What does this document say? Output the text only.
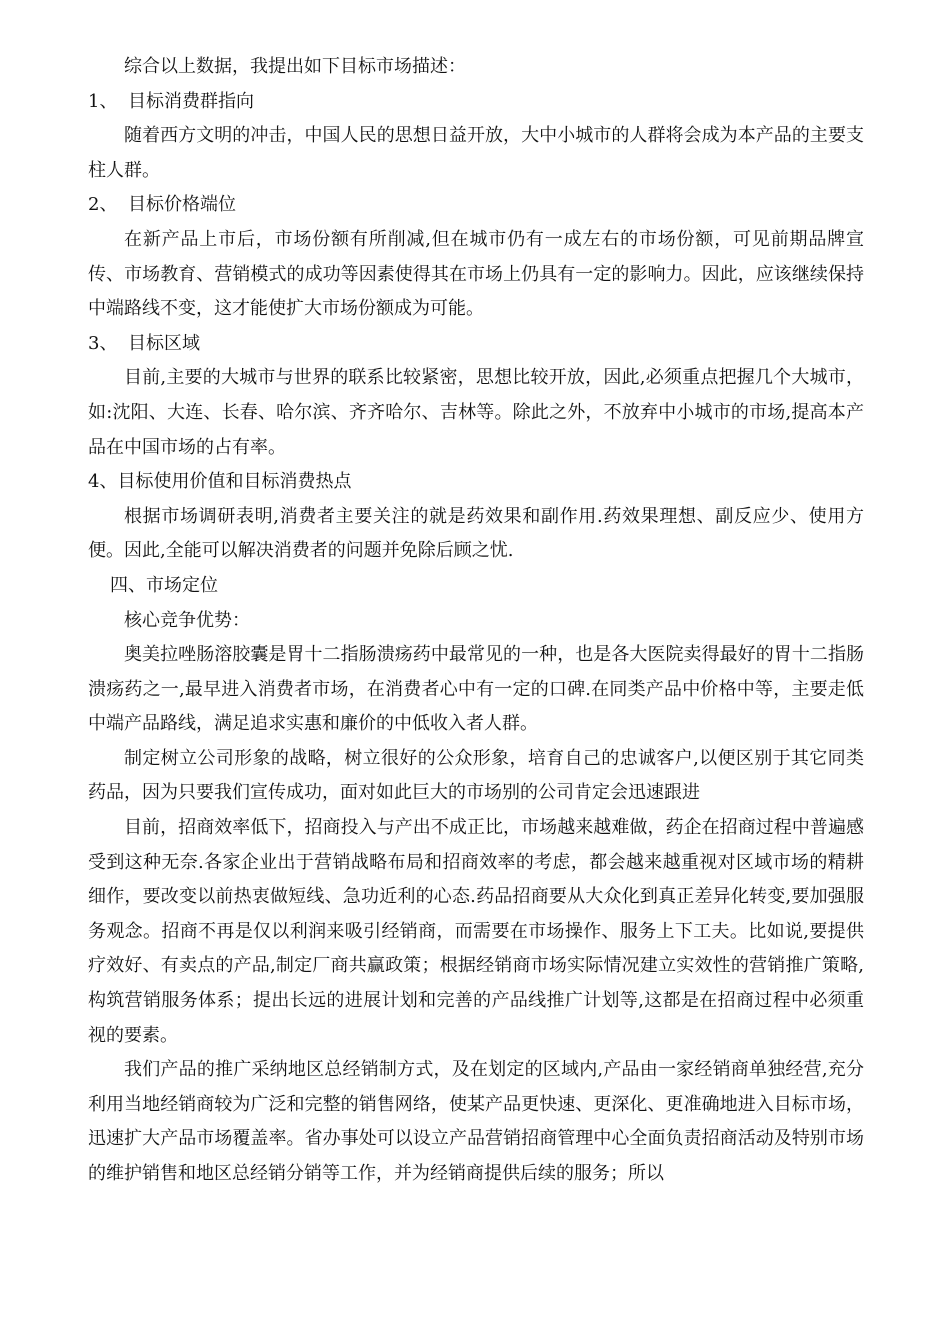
综合以上数据，我提出如下目标市场描述：

1、 目标消费群指向

随着西方文明的冲击，中国人民的思想日益开放，大中小城市的人群将会成为本产品的主要支柱人群。

2、 目标价格端位

在新产品上市后，市场份额有所削减,但在城市仍有一成左右的市场份额，可见前期品牌宣传、市场教育、营销模式的成功等因素使得其在市场上仍具有一定的影响力。因此，应该继续保持中端路线不变，这才能使扩大市场份额成为可能。

3、 目标区域

目前,主要的大城市与世界的联系比较紧密，思想比较开放，因此,必须重点把握几个大城市，如:沈阳、大连、长春、哈尔滨、齐齐哈尔、吉林等。除此之外，不放弃中小城市的市场,提高本产品在中国市场的占有率。

4、目标使用价值和目标消费热点

根据市场调研表明,消费者主要关注的就是药效果和副作用.药效果理想、副反应少、使用方便。因此,全能可以解决消费者的问题并免除后顾之忧.

四、市场定位

核心竞争优势：

奥美拉唑肠溶胶囊是胃十二指肠溃疡药中最常见的一种，也是各大医院卖得最好的胃十二指肠溃疡药之一,最早进入消费者市场，在消费者心中有一定的口碑.在同类产品中价格中等，主要走低中端产品路线，满足追求实惠和廉价的中低收入者人群。

制定树立公司形象的战略，树立很好的公众形象，培育自己的忠诚客户,以便区别于其它同类药品，因为只要我们宣传成功，面对如此巨大的市场别的公司肯定会迅速跟进

目前，招商效率低下，招商投入与产出不成正比，市场越来越难做，药企在招商过程中普遍感受到这种无奈.各家企业出于营销战略布局和招商效率的考虑，都会越来越重视对区域市场的精耕细作，要改变以前热衷做短线、急功近利的心态.药品招商要从大众化到真正差异化转变,要加强服务观念。招商不再是仅以利润来吸引经销商，而需要在市场操作、服务上下工夫。比如说,要提供疗效好、有卖点的产品,制定厂商共赢政策；根据经销商市场实际情况建立实效性的营销推广策略,构筑营销服务体系；提出长远的进展计划和完善的产品线推广计划等,这都是在招商过程中必须重视的要素。

我们产品的推广采纳地区总经销制方式，及在划定的区域内,产品由一家经销商单独经营,充分利用当地经销商较为广泛和完整的销售网络，使某产品更快速、更深化、更准确地进入目标市场，迅速扩大产品市场覆盖率。省办事处可以设立产品营销招商管理中心全面负责招商活动及特别市场的维护销售和地区总经销分销等工作，并为经销商提供后续的服务；所以
